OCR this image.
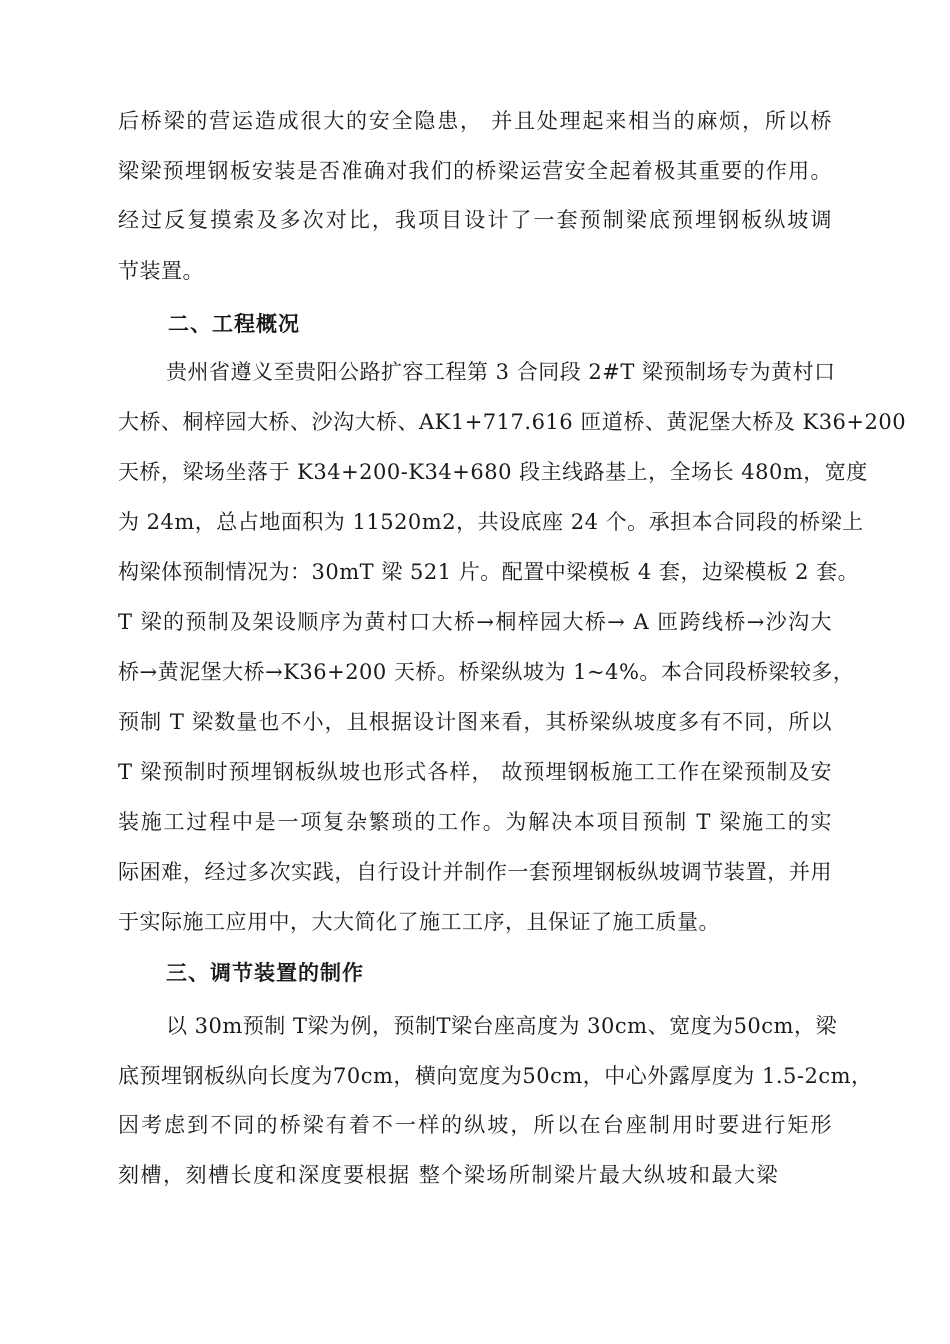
后桥梁的营运造成很大的安全隐患， 并且处理起来相当的麻烦，所以桥
梁梁预埋钢板安装是否准确对我们的桥梁运营安全起着极其重要的作用。
经过反复摸索及多次对比，我项目设计了一套预制梁底预埋钢板纵坡调
节装置。
二、工程概况
贵州省遵义至贵阳公路扩容工程第 3 合同段 2#T 梁预制场专为黄村口
大桥、桐梓园大桥、沙沟大桥、AK1+717.616 匝道桥、黄泥堡大桥及 K36+200
天桥，梁场坐落于 K34+200-K34+680 段主线路基上，全场长 480m，宽度
为 24m，总占地面积为 11520m2，共设底座 24 个。承担本合同段的桥梁上
构梁体预制情况为：30mT 梁 521 片。配置中梁模板 4 套，边梁模板 2 套。
T 梁的预制及架设顺序为黄村口大桥→桐梓园大桥→ A 匝跨线桥→沙沟大
桥→黄泥堡大桥→K36+200 天桥。桥梁纵坡为 1~4%。本合同段桥梁较多，
预制 T 梁数量也不小，且根据设计图来看，其桥梁纵坡度多有不同，所以
T 梁预制时预埋钢板纵坡也形式各样， 故预埋钢板施工工作在梁预制及安
装施工过程中是一项复杂繁琐的工作。为解决本项目预制 T 梁施工的实
际困难，经过多次实践，自行设计并制作一套预埋钢板纵坡调节装置，并用
于实际施工应用中，大大简化了施工工序，且保证了施工质量。
三、调节装置的制作
以 30m预制 T梁为例，预制T梁台座高度为 30cm、宽度为50cm，梁
底预埋钢板纵向长度为70cm，横向宽度为50cm，中心外露厚度为 1.5-2cm，
因考虑到不同的桥梁有着不一样的纵坡，所以在台座制用时要进行矩形
刻槽，刻槽长度和深度要根据 整个梁场所制梁片最大纵坡和最大梁
